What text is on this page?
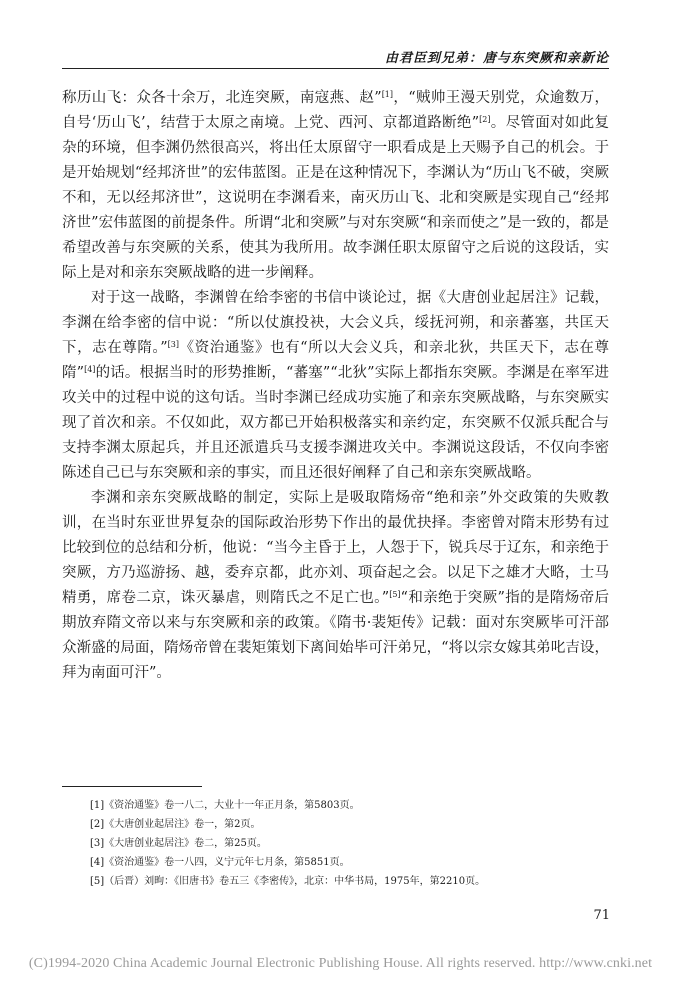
由君臣到兄弟：唐与东突厥和亲新论

称历山飞：众各十余万，北连突厥，南寇燕、赵”[1]，“贼帅王漫天别党，众逾数万，自号‘历山飞’，结营于太原之南境。上党、西河、京都道路断绝”[2]。尽管面对如此复杂的环境，但李渊仍然很高兴，将出任太原留守一职看成是上天赐予自己的机会。于是开始规划“经邦济世”的宏伟蓝图。正是在这种情况下，李渊认为“历山飞不破，突厥不和，无以经邦济世”，这说明在李渊看来，南灭历山飞、北和突厥是实现自己“经邦济世”宏伟蓝图的前提条件。所谓“北和突厥”与对东突厥“和亲而使之”是一致的，都是希望改善与东突厥的关系，使其为我所用。故李渊任职太原留守之后说的这段话，实际上是对和亲东突厥战略的进一步阐释。

对于这一战略，李渊曾在给李密的书信中谈论过，据《大唐创业起居注》记载，李渊在给李密的信中说：“所以仗旗投袂，大会义兵，绥抚河朔，和亲蕃塞，共匡天下，志在尊隋。”[3]《资治通鉴》也有“所以大会义兵，和亲北狄，共匡天下，志在尊隋”[4]的话。根据当时的形势推断，“蕃塞”“北狄”实际上都指东突厥。李渊是在率军进攻关中的过程中说的这句话。当时李渊已经成功实施了和亲东突厥战略，与东突厥实现了首次和亲。不仅如此，双方都已开始积极落实和亲约定，东突厥不仅派兵配合与支持李渊太原起兵，并且还派遣兵马支援李渊进攻关中。李渊说这段话，不仅向李密陈述自己已与东突厥和亲的事实，而且还很好阐释了自己和亲东突厥战略。

李渊和亲东突厥战略的制定，实际上是吸取隋炀帝“绝和亲”外交政策的失败教训，在当时东亚世界复杂的国际政治形势下作出的最优抉择。李密曾对隋末形势有过比较到位的总结和分析，他说：“当今主昏于上，人怨于下，锐兵尽于辽东，和亲绝于突厥，方乃巡游扬、越，委弃京都，此亦刘、项奋起之会。以足下之雄才大略，士马精勇，席卷二京，诛灭暴虐，则隋氏之不足亡也。”[5]“和亲绝于突厥”指的是隋炀帝后期放弃隋文帝以来与东突厥和亲的政策。《隋书·裴矩传》记载：面对东突厥毕可汗部众渐盛的局面，隋炀帝曾在裴矩策划下离间始毕可汗弟兄，“将以宗女嫁其弟叱吉设，拜为南面可汗”。

[1]《资治通鉴》卷一八二，大业十一年正月条，第5803页。
[2]《大唐创业起居注》卷一，第2页。
[3]《大唐创业起居注》卷二，第25页。
[4]《资治通鉴》卷一八四，义宁元年七月条，第5851页。
[5]（后晋）刘昫：《旧唐书》卷五三《李密传》，北京：中华书局，1975年，第2210页。
71
(C)1994-2020 China Academic Journal Electronic Publishing House. All rights reserved. http://www.cnki.net
